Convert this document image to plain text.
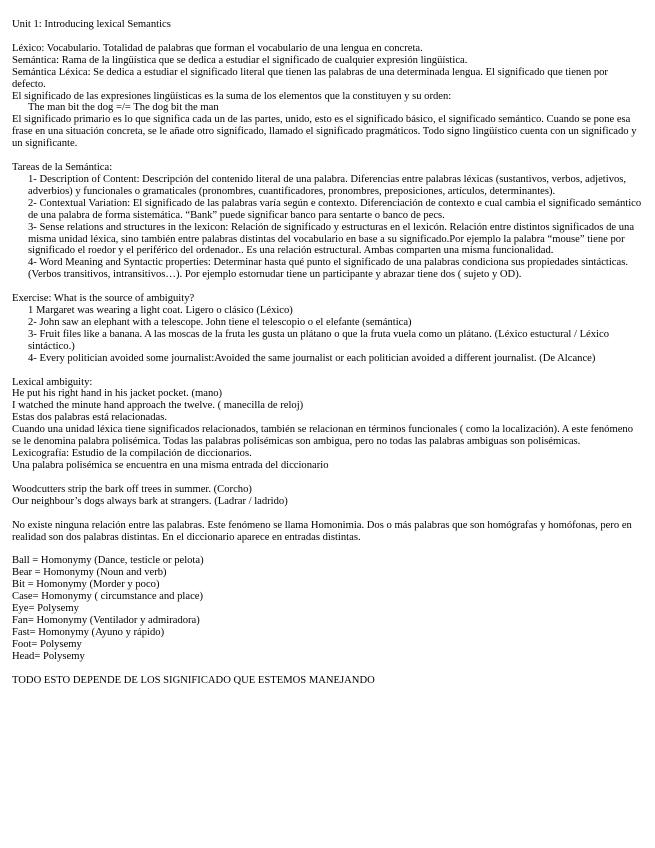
Unit 1: Introducing lexical Semantics

Léxico: Vocabulario. Totalidad de palabras que forman el vocabulario de una lengua en concreta.

Semántica: Rama de la lingüística que se dedica a estudiar el significado de cualquier expresión lingüística.

Semántica Léxica: Se dedica a estudiar el significado literal que tienen las palabras de una determinada lengua. El significado que tienen por defecto.

El significado de las expresiones lingüísticas es la suma de los elementos que la constituyen y su orden:

The man bit the dog =/= The dog bit the man

El significado primario es lo que significa cada un de las partes, unido, esto es el significado básico, el significado semántico. Cuando se pone esa frase en una situación concreta, se le añade otro significado, llamado el significado pragmáticos. Todo signo lingüístico cuenta con un significado y un significante.

Tareas de la Semántica:

1- Description of Content: Descripción del contenido literal de una palabra. Diferencias entre palabras léxicas (sustantivos, verbos, adjetivos, adverbios) y funcionales o gramaticales (pronombres, cuantificadores, pronombres, preposiciones, artículos, determinantes).

2- Contextual Variation: El significado de las palabras varía según e contexto. Diferenciación de contexto e cual cambia el significado semántico de una palabra de forma sistemática. “Bank” puede significar banco para sentarte o banco de pecs.

3- Sense relations and structures in the lexicon: Relación de significado y estructuras en el lexicón. Relación entre distintos significados de una misma unidad léxica, sino también entre palabras distintas del vocabulario en base a su significado.Por ejemplo la palabra “mouse” tiene por significado el roedor y el periférico del ordenador.. Es una relación estructural. Ambas comparten una misma funcionalidad.

4- Word Meaning and Syntactic properties: Determinar hasta qué punto el significado de una palabras condiciona sus propiedades sintácticas. (Verbos transitivos, intransitivos…). Por ejemplo estornudar tiene un participante y abrazar tiene dos ( sujeto y OD).

Exercise: What is the source of ambiguity?

1 Margaret was wearing a light coat. Ligero o clásico (Léxico)

2- John saw an elephant with a telescope. John tiene el telescopio o el elefante (semántica)

3- Fruit files like a banana. A las moscas de la fruta les gusta un plátano o que la fruta vuela como un plátano. (Léxico estuctural / Léxico sintáctico.)

4- Every politician avoided some journalist:Avoided the same journalist or each politician avoided a different journalist. (De Alcance)

Lexical ambiguity:

He put his right hand in his jacket pocket. (mano)

I watched the minute hand approach the twelve. ( manecilla de reloj)

Estas dos palabras está relacionadas.

Cuando una unidad léxica tiene significados relacionados, también se relacionan en términos funcionales ( como la localización). A este fenómeno se le denomina palabra polisémica. Todas las palabras polisémicas son ambigua, pero no todas las palabras ambiguas son polisémicas.

Lexicografía: Estudio de la compilación de diccionarios.

Una palabra polisémica se encuentra en una misma entrada del diccionario

Woodcutters strip the bark off trees in summer. (Corcho)

Our neighbour’s dogs always bark at strangers. (Ladrar / ladrido)

No existe ninguna relación entre las palabras. Este fenómeno se llama Homonimia. Dos o más palabras que son homógrafas y homófonas, pero en realidad son dos palabras distintas. En el diccionario aparece en entradas distintas.

Ball = Homonymy (Dance, testicle or pelota)

Bear = Homonymy (Noun and verb)

Bit = Homonymy (Morder y poco)

Case= Homonymy ( circumstance and place)

Eye= Polysemy

Fan= Homonymy (Ventilador y admiradora)

Fast= Homonymy (Ayuno y rápido)

Foot= Polysemy

Head= Polysemy

TODO ESTO DEPENDE DE LOS SIGNIFICADO QUE ESTEMOS MANEJANDO
